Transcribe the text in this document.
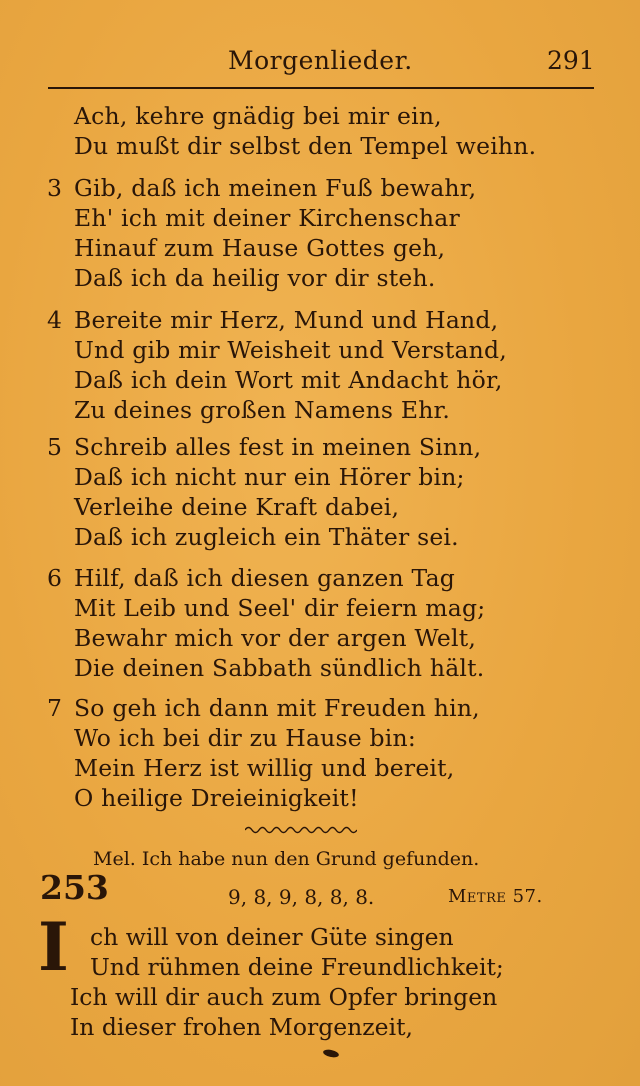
Morgenlieder.	291
Ach, kehre gnädig bei mir ein,
Du mußt dir selbst den Tempel weihn.
3 Gib, daß ich meinen Fuß bewahr,
Eh' ich mit deiner Kirchenschar
Hinauf zum Hause Gottes geh,
Daß ich da heilig vor dir steh.
4 Bereite mir Herz, Mund und Hand,
Und gib mir Weisheit und Verstand,
Daß ich dein Wort mit Andacht hör,
Zu deines großen Namens Ehr.
5 Schreib alles fest in meinen Sinn,
Daß ich nicht nur ein Hörer bin;
Verleihe deine Kraft dabei,
Daß ich zugleich ein Thäter sei.
6 Hilf, daß ich diesen ganzen Tag
Mit Leib und Seel' dir feiern mag;
Bewahr mich vor der argen Welt,
Die deinen Sabbath sündlich hält.
7 So geh ich dann mit Freuden hin,
Wo ich bei dir zu Hause bin:
Mein Herz ist willig und bereit,
O heilige Dreieinigkeit!
Mel. Ich habe nun den Grund gefunden.
253	9, 8, 9, 8, 8, 8.	Metre 57.
I ch will von deiner Güte singen
Und rühmen deine Freundlichkeit;
Ich will dir auch zum Opfer bringen
In dieser frohen Morgenzeit,
